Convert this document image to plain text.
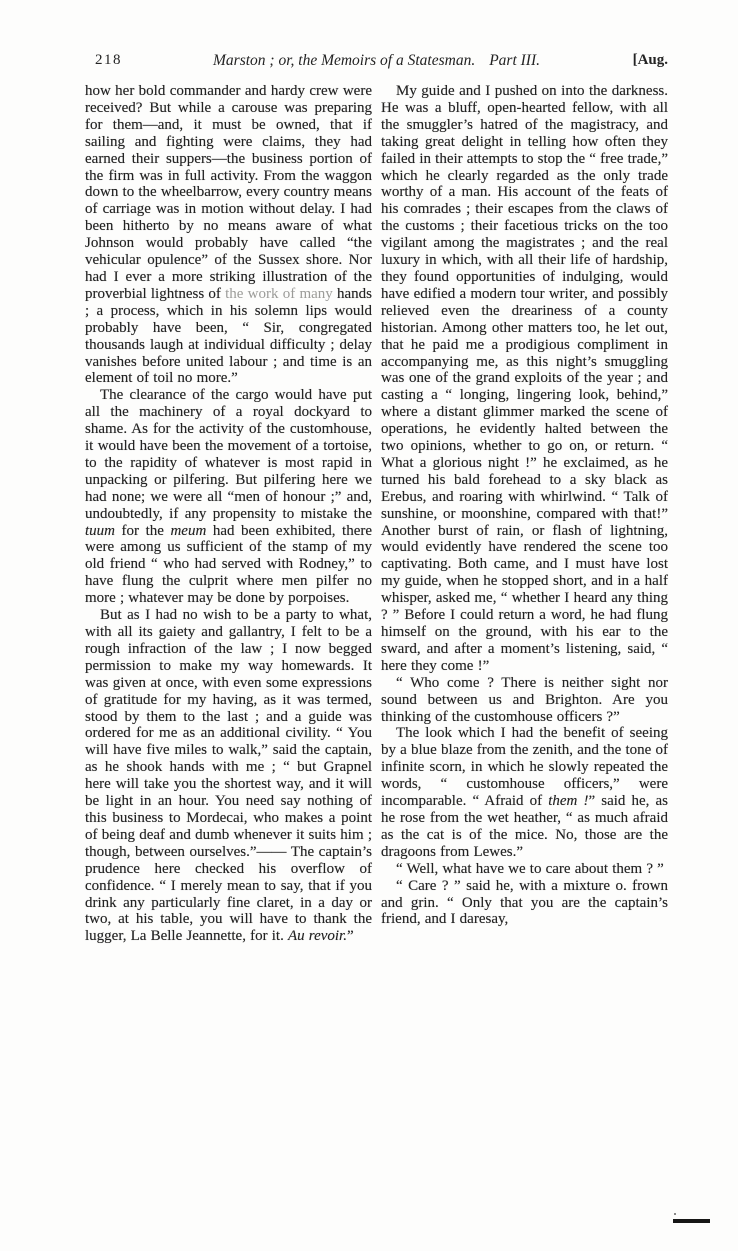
218	Marston ; or, the Memoirs of a Statesman. Part III.	[Aug.

how her bold commander and hardy crew were received? But while a carouse was preparing for them—and, it must be owned, that if sailing and fighting were claims, they had earned their suppers—the business portion of the firm was in full activity. From the waggon down to the wheelbarrow, every country means of carriage was in motion without delay. I had been hitherto by no means aware of what Johnson would probably have called “the vehicular opulence” of the Sussex shore. Nor had I ever a more striking illustration of the proverbial lightness of the work of many hands ; a process, which in his solemn lips would probably have been, “ Sir, congregated thousands laugh at individual difficulty ; delay vanishes before united labour ; and time is an element of toil no more.”

The clearance of the cargo would have put all the machinery of a royal dockyard to shame. As for the activity of the customhouse, it would have been the movement of a tortoise, to the rapidity of whatever is most rapid in unpacking or pilfering. But pilfering here we had none; we were all “men of honour ;” and, undoubtedly, if any propensity to mistake the tuum for the meum had been exhibited, there were among us sufficient of the stamp of my old friend “ who had served with Rodney,” to have flung the culprit where men pilfer no more ; whatever may be done by porpoises.

But as I had no wish to be a party to what, with all its gaiety and gallantry, I felt to be a rough infraction of the law ; I now begged permission to make my way homewards. It was given at once, with even some expressions of gratitude for my having, as it was termed, stood by them to the last ; and a guide was ordered for me as an additional civility. “ You will have five miles to walk,” said the captain, as he shook hands with me ; “ but Grapnel here will take you the shortest way, and it will be light in an hour. You need say nothing of this business to Mordecai, who makes a point of being deaf and dumb whenever it suits him ; though, between ourselves.”—— The captain’s prudence here checked his overflow of confidence. “ I merely mean to say, that if you drink any particularly fine claret, in a day or two, at his table, you will have to thank the lugger, La Belle Jeannette, for it. Au revoir.”

My guide and I pushed on into the darkness. He was a bluff, open-hearted fellow, with all the smuggler’s hatred of the magistracy, and taking great delight in telling how often they failed in their attempts to stop the “ free trade,” which he clearly regarded as the only trade worthy of a man. His account of the feats of his comrades ; their escapes from the claws of the customs ; their facetious tricks on the too vigilant among the magistrates ; and the real luxury in which, with all their life of hardship, they found opportunities of indulging, would have edified a modern tour writer, and possibly relieved even the dreariness of a county historian. Among other matters too, he let out, that he paid me a prodigious compliment in accompanying me, as this night’s smuggling was one of the grand exploits of the year ; and casting a “ longing, lingering look, behind,” where a distant glimmer marked the scene of operations, he evidently halted between the two opinions, whether to go on, or return. “ What a glorious night !” he exclaimed, as he turned his bald forehead to a sky black as Erebus, and roaring with whirlwind. “ Talk of sunshine, or moonshine, compared with that!” Another burst of rain, or flash of lightning, would evidently have rendered the scene too captivating. Both came, and I must have lost my guide, when he stopped short, and in a half whisper, asked me, “ whether I heard any thing ? ” Before I could return a word, he had flung himself on the ground, with his ear to the sward, and after a moment’s listening, said, “ here they come !”

“ Who come ? There is neither sight nor sound between us and Brighton. Are you thinking of the customhouse officers ?”

The look which I had the benefit of seeing by a blue blaze from the zenith, and the tone of infinite scorn, in which he slowly repeated the words, “ customhouse officers,” were incomparable. “ Afraid of them !” said he, as he rose from the wet heather, “ as much afraid as the cat is of the mice. No, those are the dragoons from Lewes.”

“ Well, what have we to care about them ? ”

“ Care ? ” said he, with a mixture o. frown and grin. “ Only that you are the captain’s friend, and I daresay,
